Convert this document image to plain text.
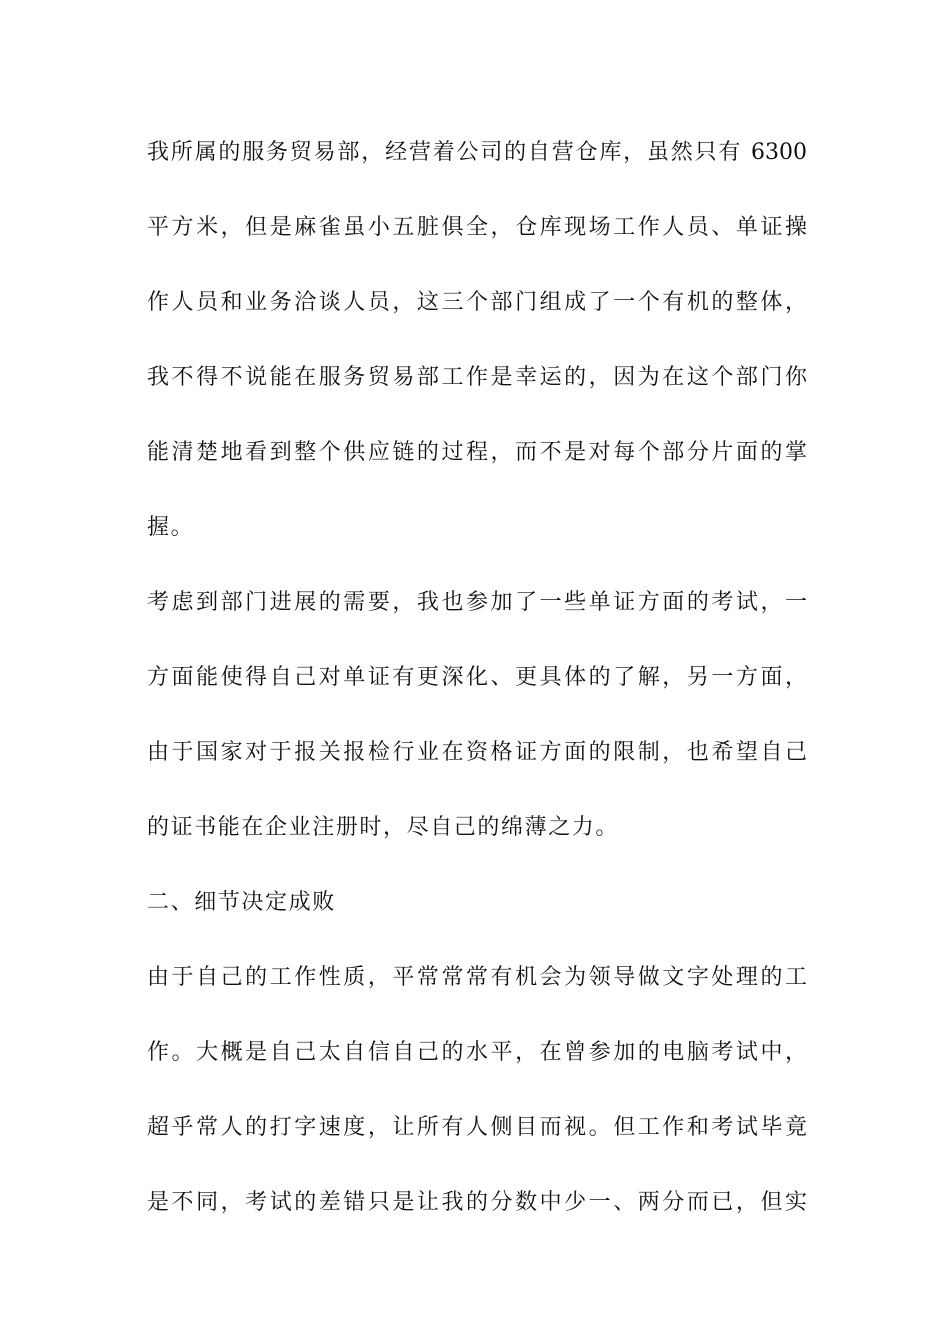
我所属的服务贸易部，经营着公司的自营仓库，虽然只有 6300
平方米，但是麻雀虽小五脏俱全，仓库现场工作人员、单证操
作人员和业务洽谈人员，这三个部门组成了一个有机的整体，
我不得不说能在服务贸易部工作是幸运的，因为在这个部门你
能清楚地看到整个供应链的过程，而不是对每个部分片面的掌
握。
考虑到部门进展的需要，我也参加了一些单证方面的考试，一
方面能使得自己对单证有更深化、更具体的了解，另一方面，
由于国家对于报关报检行业在资格证方面的限制，也希望自己
的证书能在企业注册时，尽自己的绵薄之力。
二、细节决定成败
由于自己的工作性质，平常常常有机会为领导做文字处理的工
作。大概是自己太自信自己的水平，在曾参加的电脑考试中，
超乎常人的打字速度，让所有人侧目而视。但工作和考试毕竟
是不同，考试的差错只是让我的分数中少一、两分而已，但实
